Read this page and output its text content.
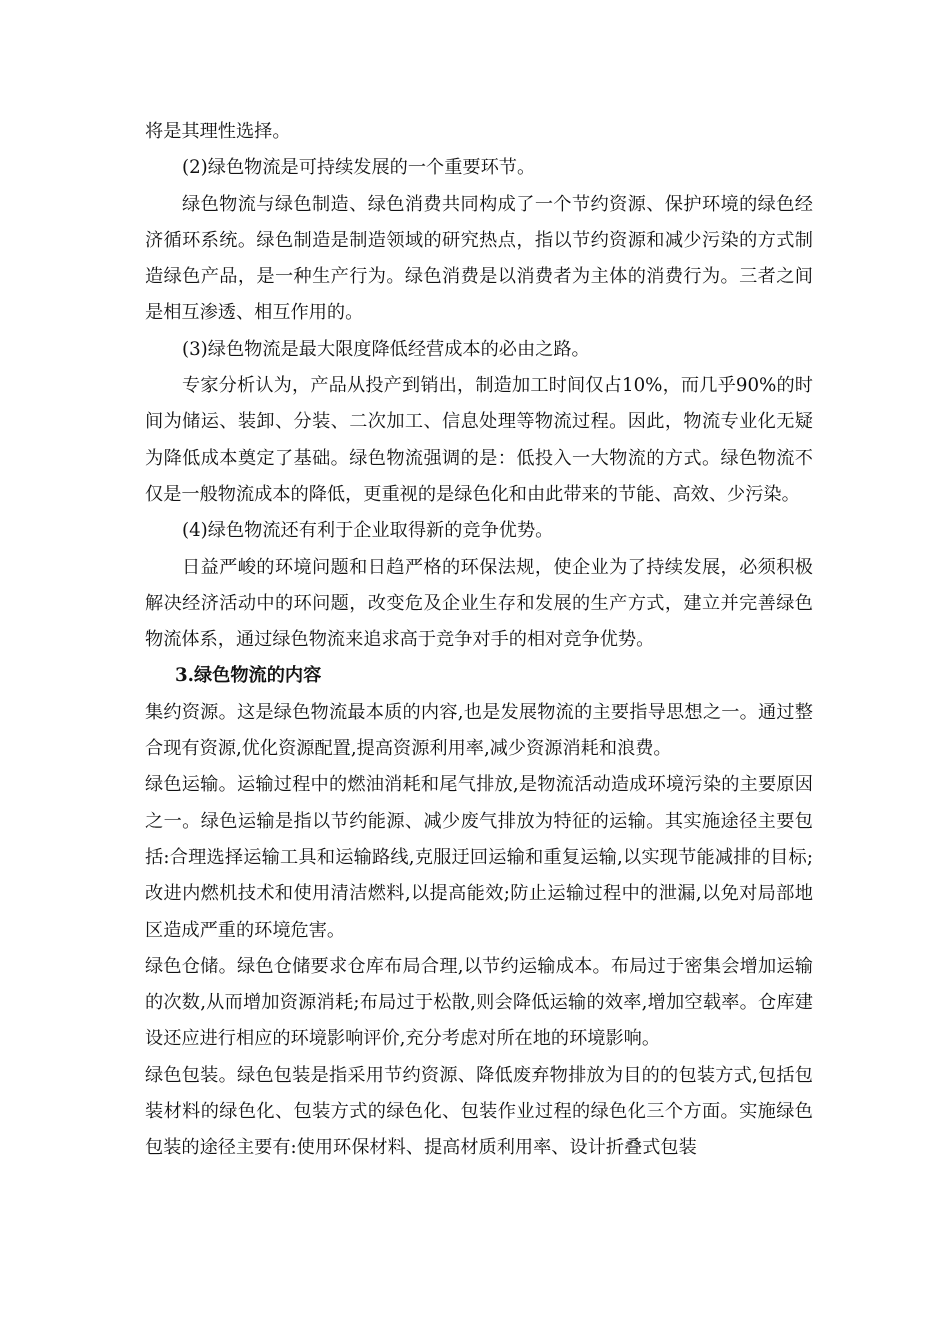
将是其理性选择。

(2)绿色物流是可持续发展的一个重要环节。

绿色物流与绿色制造、绿色消费共同构成了一个节约资源、保护环境的绿色经济循环系统。绿色制造是制造领域的研究热点，指以节约资源和减少污染的方式制造绿色产品，是一种生产行为。绿色消费是以消费者为主体的消费行为。三者之间是相互渗透、相互作用的。

(3)绿色物流是最大限度降低经营成本的必由之路。

专家分析认为，产品从投产到销出，制造加工时间仅占10%，而几乎90%的时间为储运、装卸、分装、二次加工、信息处理等物流过程。因此，物流专业化无疑为降低成本奠定了基础。绿色物流强调的是：低投入一大物流的方式。绿色物流不仅是一般物流成本的降低，更重视的是绿色化和由此带来的节能、高效、少污染。

(4)绿色物流还有利于企业取得新的竞争优势。

日益严峻的环境问题和日趋严格的环保法规，使企业为了持续发展，必须积极解决经济活动中的环问题，改变危及企业生存和发展的生产方式，建立并完善绿色物流体系，通过绿色物流来追求高于竞争对手的相对竞争优势。

3.绿色物流的内容

集约资源。这是绿色物流最本质的内容,也是发展物流的主要指导思想之一。通过整合现有资源,优化资源配置,提高资源利用率,减少资源消耗和浪费。

绿色运输。运输过程中的燃油消耗和尾气排放,是物流活动造成环境污染的主要原因之一。绿色运输是指以节约能源、减少废气排放为特征的运输。其实施途径主要包括:合理选择运输工具和运输路线,克服迂回运输和重复运输,以实现节能减排的目标;改进内燃机技术和使用清洁燃料,以提高能效;防止运输过程中的泄漏,以免对局部地区造成严重的环境危害。

绿色仓储。绿色仓储要求仓库布局合理,以节约运输成本。布局过于密集会增加运输的次数,从而增加资源消耗;布局过于松散,则会降低运输的效率,增加空载率。仓库建设还应进行相应的环境影响评价,充分考虑对所在地的环境影响。

绿色包装。绿色包装是指采用节约资源、降低废弃物排放为目的的包装方式,包括包装材料的绿色化、包装方式的绿色化、包装作业过程的绿色化三个方面。实施绿色包装的途径主要有:使用环保材料、提高材质利用率、设计折叠式包装
